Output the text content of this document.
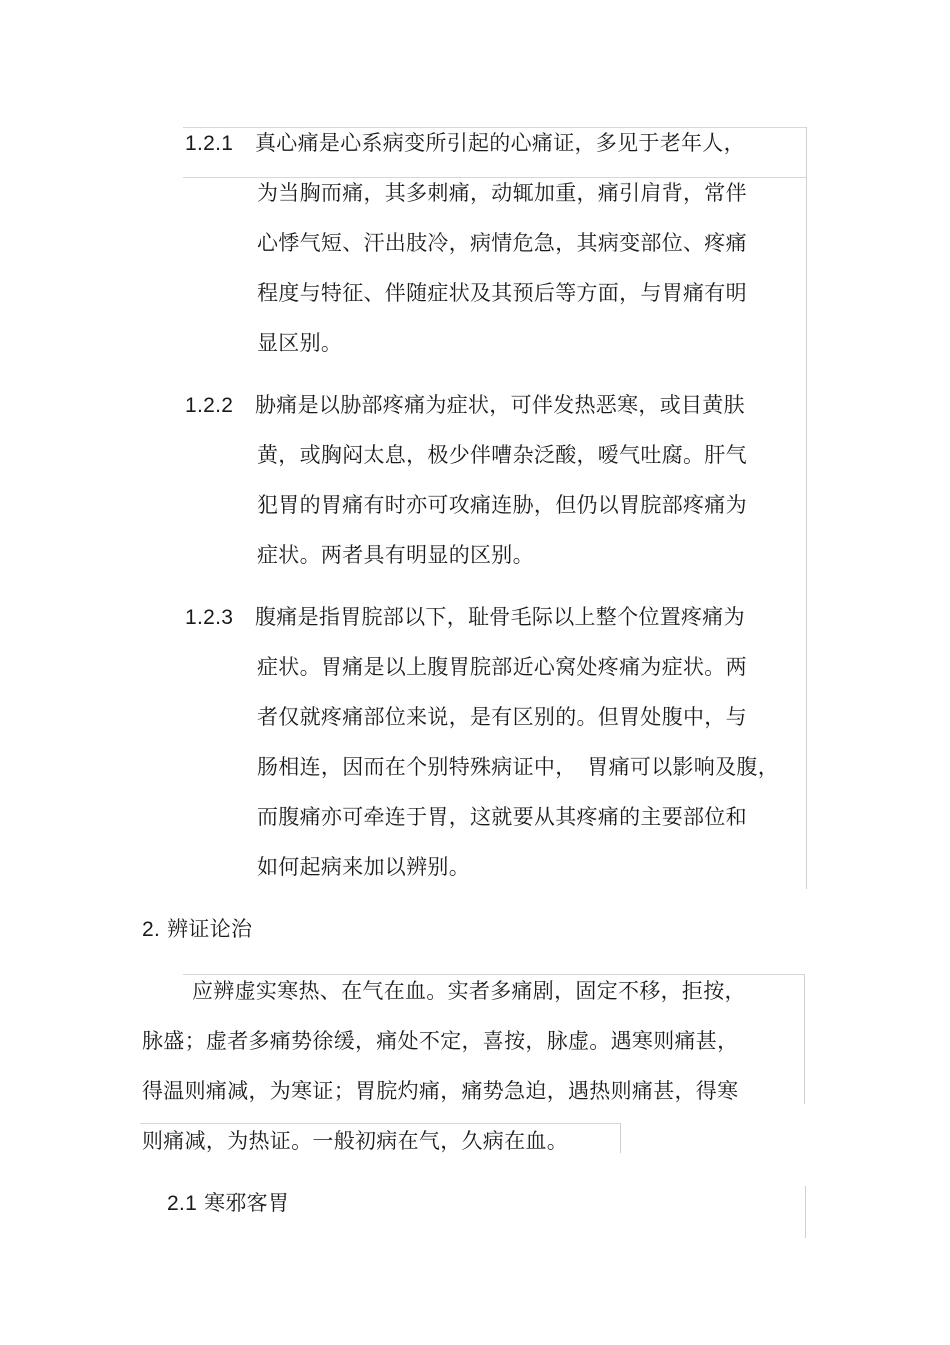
1.2.1 真心痛是心系病变所引起的心痛证，多见于老年人，
为当胸而痛，其多刺痛，动辄加重，痛引肩背，常伴
心悸气短、汗出肢冷，病情危急，其病变部位、疼痛
程度与特征、伴随症状及其预后等方面，与胃痛有明
显区别。
1.2.2 胁痛是以胁部疼痛为症状，可伴发热恶寒，或目黄肤
黄，或胸闷太息，极少伴嘈杂泛酸，嗳气吐腐。肝气
犯胃的胃痛有时亦可攻痛连胁，但仍以胃脘部疼痛为
症状。两者具有明显的区别。
1.2.3 腹痛是指胃脘部以下，耻骨毛际以上整个位置疼痛为
症状。胃痛是以上腹胃脘部近心窝处疼痛为症状。两
者仅就疼痛部位来说，是有区别的。但胃处腹中，与
肠相连，因而在个别特殊病证中，　胃痛可以影响及腹，
而腹痛亦可牵连于胃，这就要从其疼痛的主要部位和
如何起病来加以辨别。
2. 辨证论治
应辨虚实寒热、在气在血。实者多痛剧，固定不移，拒按，
脉盛；虚者多痛势徐缓，痛处不定，喜按，脉虚。遇寒则痛甚，
得温则痛减，为寒证；胃脘灼痛，痛势急迫，遇热则痛甚，得寒
则痛减，为热证。一般初病在气，久病在血。
2.1 寒邪客胃
